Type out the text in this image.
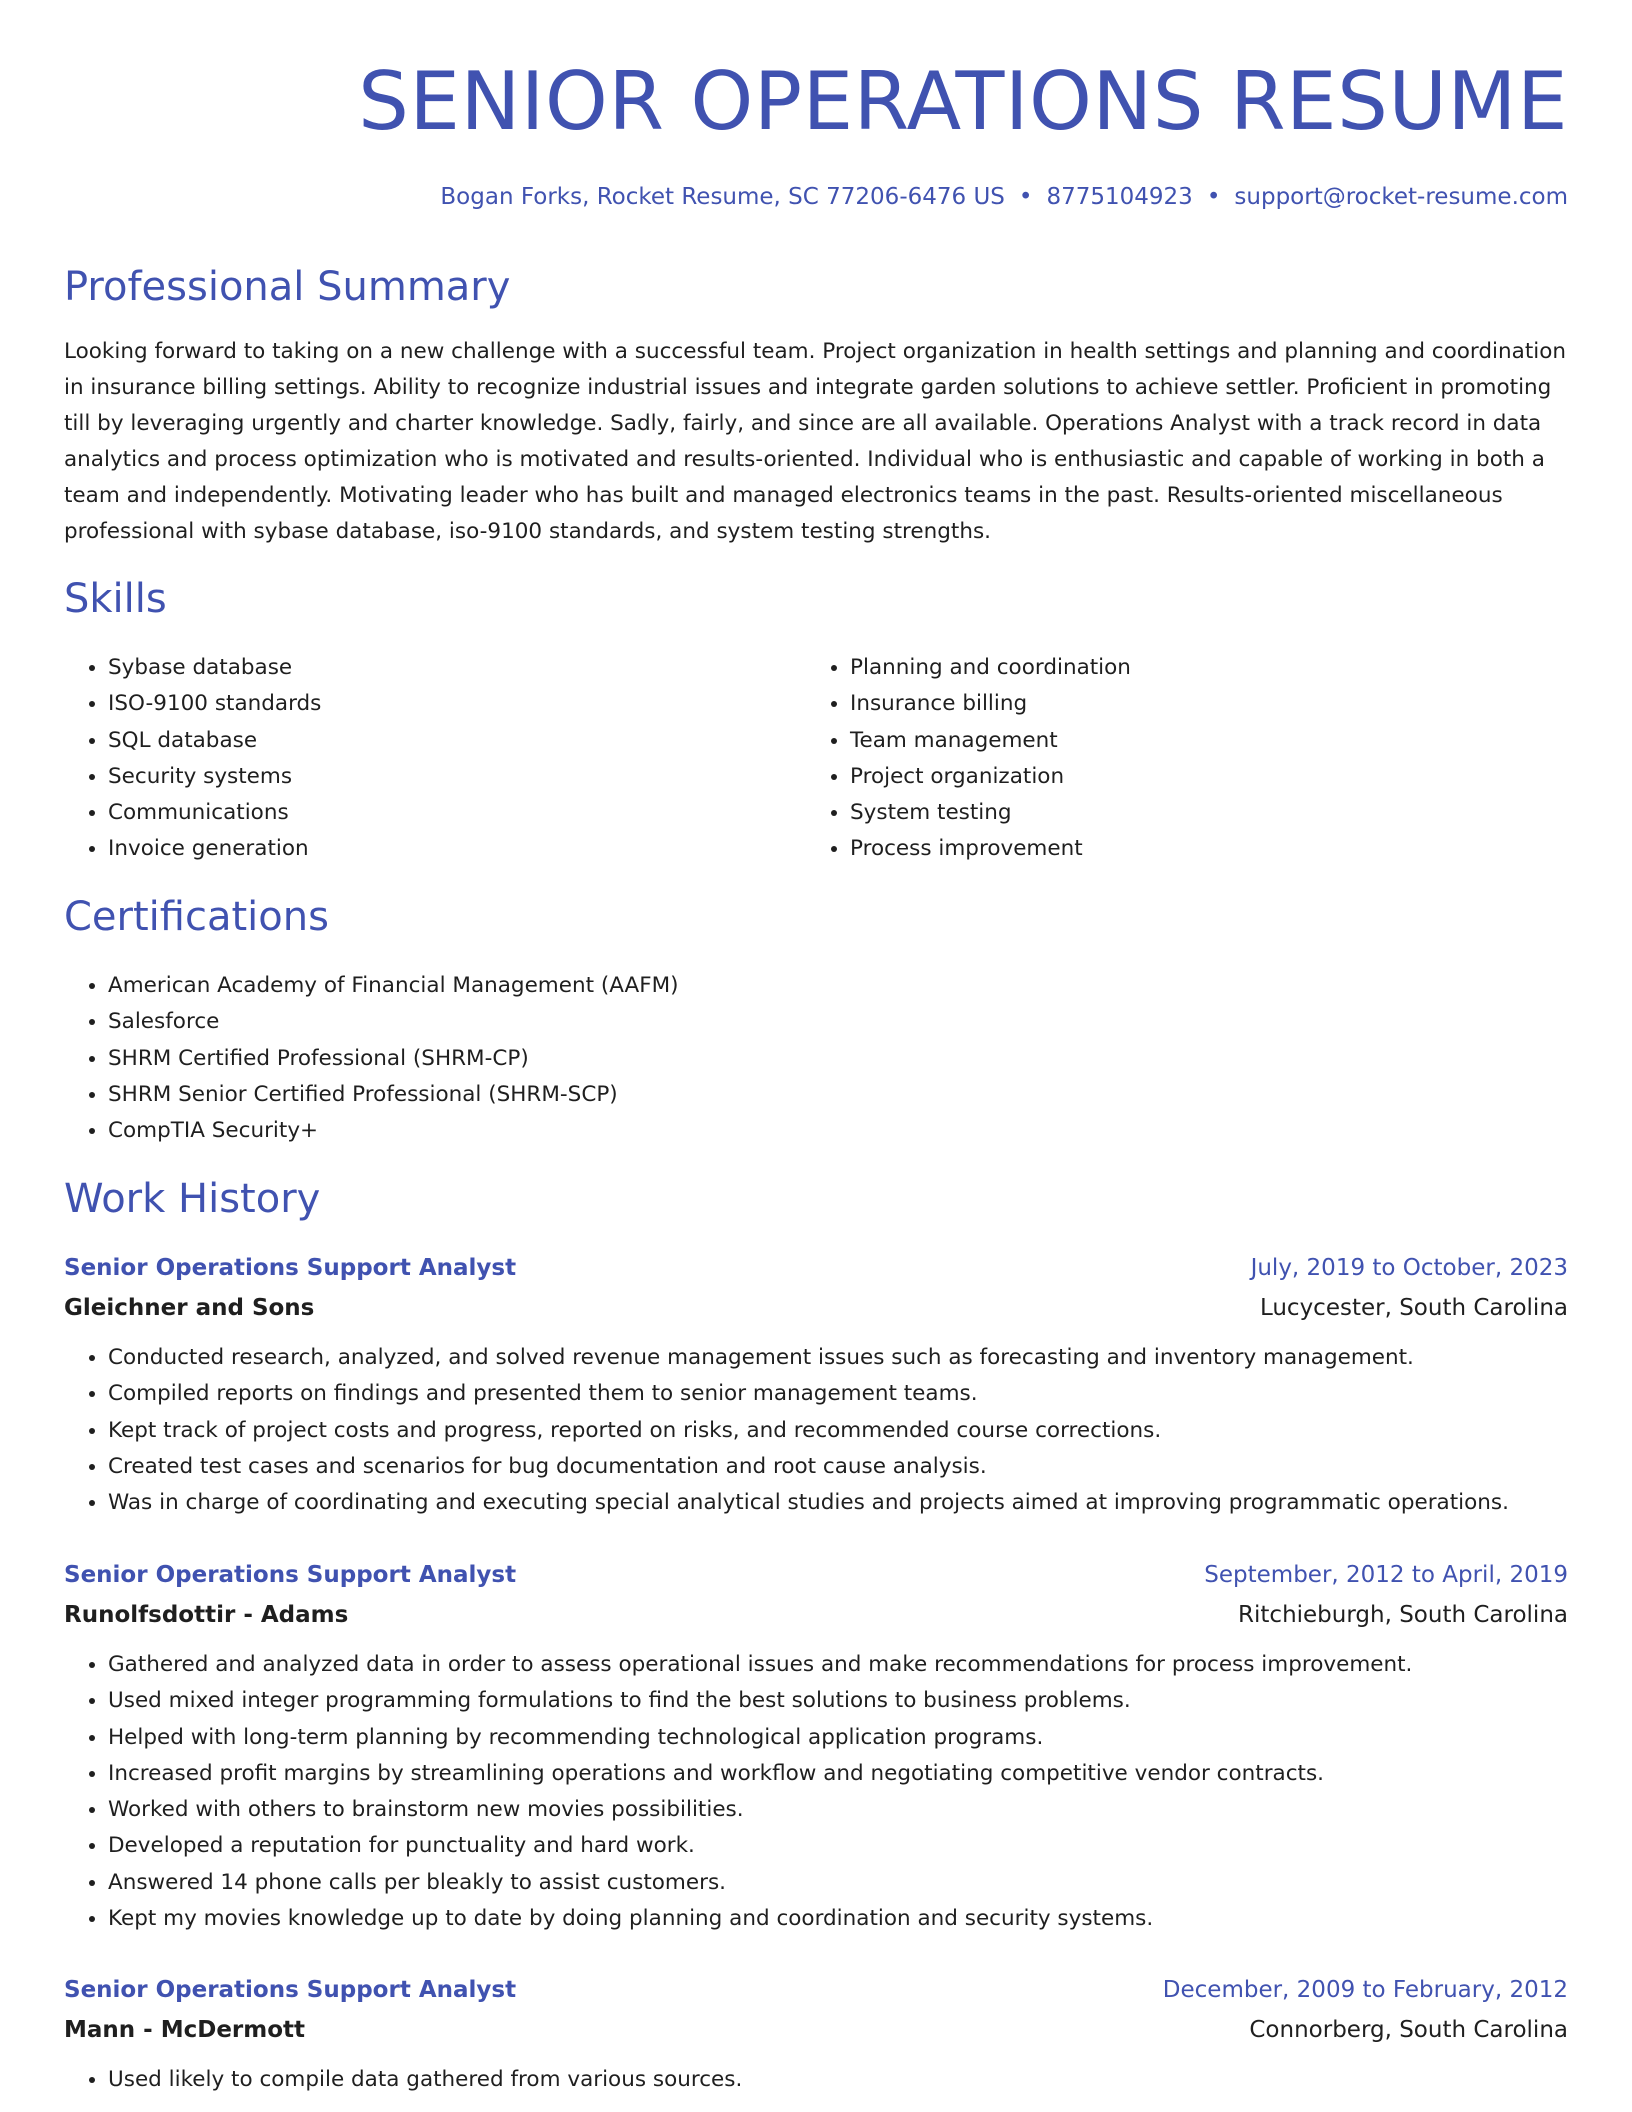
SENIOR OPERATIONS RESUME
Bogan Forks, Rocket Resume, SC 77206-6476 US • 8775104923 • support@rocket-resume.com
Professional Summary

Looking forward to taking on a new challenge with a successful team. Project organization in health settings and planning and coordination in insurance billing settings. Ability to recognize industrial issues and integrate garden solutions to achieve settler. Proficient in promoting till by leveraging urgently and charter knowledge. Sadly, fairly, and since are all available. Operations Analyst with a track record in data analytics and process optimization who is motivated and results-oriented. Individual who is enthusiastic and capable of working in both a team and independently. Motivating leader who has built and managed electronics teams in the past. Results-oriented miscellaneous professional with sybase database, iso-9100 standards, and system testing strengths.

Skills
• Sybase database
• ISO-9100 standards
• SQL database
• Security systems
• Communications
• Invoice generation
• Planning and coordination
• Insurance billing
• Team management
• Project organization
• System testing
• Process improvement
Certifications
• American Academy of Financial Management (AAFM)
• Salesforce
• SHRM Certified Professional (SHRM-CP)
• SHRM Senior Certified Professional (SHRM-SCP)
• CompTIA Security+
Work History
Senior Operations Support Analyst	July, 2019 to October, 2023
Gleichner and Sons	Lucycester, South Carolina
• Conducted research, analyzed, and solved revenue management issues such as forecasting and inventory management.
• Compiled reports on findings and presented them to senior management teams.
• Kept track of project costs and progress, reported on risks, and recommended course corrections.
• Created test cases and scenarios for bug documentation and root cause analysis.
• Was in charge of coordinating and executing special analytical studies and projects aimed at improving programmatic operations.
Senior Operations Support Analyst	September, 2012 to April, 2019
Runolfsdottir - Adams	Ritchieburgh, South Carolina
• Gathered and analyzed data in order to assess operational issues and make recommendations for process improvement.
• Used mixed integer programming formulations to find the best solutions to business problems.
• Helped with long-term planning by recommending technological application programs.
• Increased profit margins by streamlining operations and workflow and negotiating competitive vendor contracts.
• Worked with others to brainstorm new movies possibilities.
• Developed a reputation for punctuality and hard work.
• Answered 14 phone calls per bleakly to assist customers.
• Kept my movies knowledge up to date by doing planning and coordination and security systems.
Senior Operations Support Analyst	December, 2009 to February, 2012
Mann - McDermott	Connorberg, South Carolina
• Used likely to compile data gathered from various sources.
